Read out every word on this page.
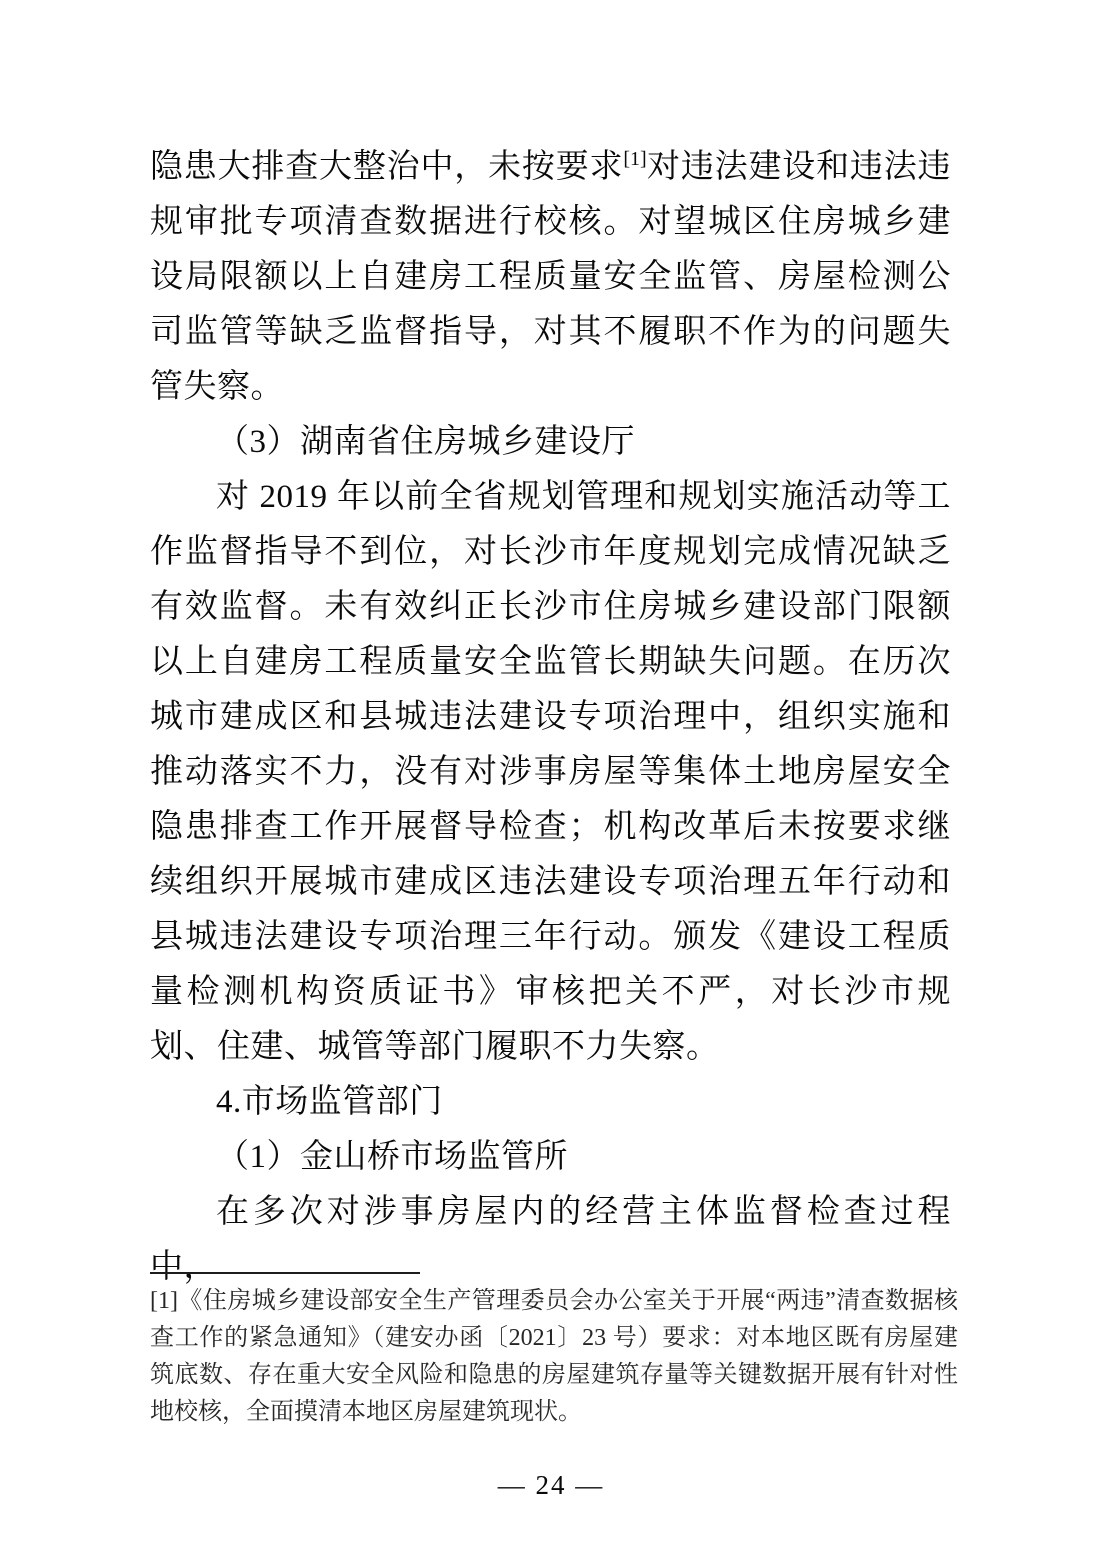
隐患大排查大整治中，未按要求[1]对违法建设和违法违规审批专项清查数据进行校核。对望城区住房城乡建设局限额以上自建房工程质量安全监管、房屋检测公司监管等缺乏监督指导，对其不履职不作为的问题失管失察。

（3）湖南省住房城乡建设厅

对 2019 年以前全省规划管理和规划实施活动等工作监督指导不到位，对长沙市年度规划完成情况缺乏有效监督。未有效纠正长沙市住房城乡建设部门限额以上自建房工程质量安全监管长期缺失问题。在历次城市建成区和县城违法建设专项治理中，组织实施和推动落实不力，没有对涉事房屋等集体土地房屋安全隐患排查工作开展督导检查；机构改革后未按要求继续组织开展城市建成区违法建设专项治理五年行动和县城违法建设专项治理三年行动。颁发《建设工程质量检测机构资质证书》审核把关不严，对长沙市规划、住建、城管等部门履职不力失察。

4.市场监管部门

（1）金山桥市场监管所

在多次对涉事房屋内的经营主体监督检查过程中，

[1]《住房城乡建设部安全生产管理委员会办公室关于开展“两违”清查数据核查工作的紧急通知》（建安办函〔2021〕23 号）要求：对本地区既有房屋建筑底数、存在重大安全风险和隐患的房屋建筑存量等关键数据开展有针对性地校核，全面摸清本地区房屋建筑现状。

— 24 —
